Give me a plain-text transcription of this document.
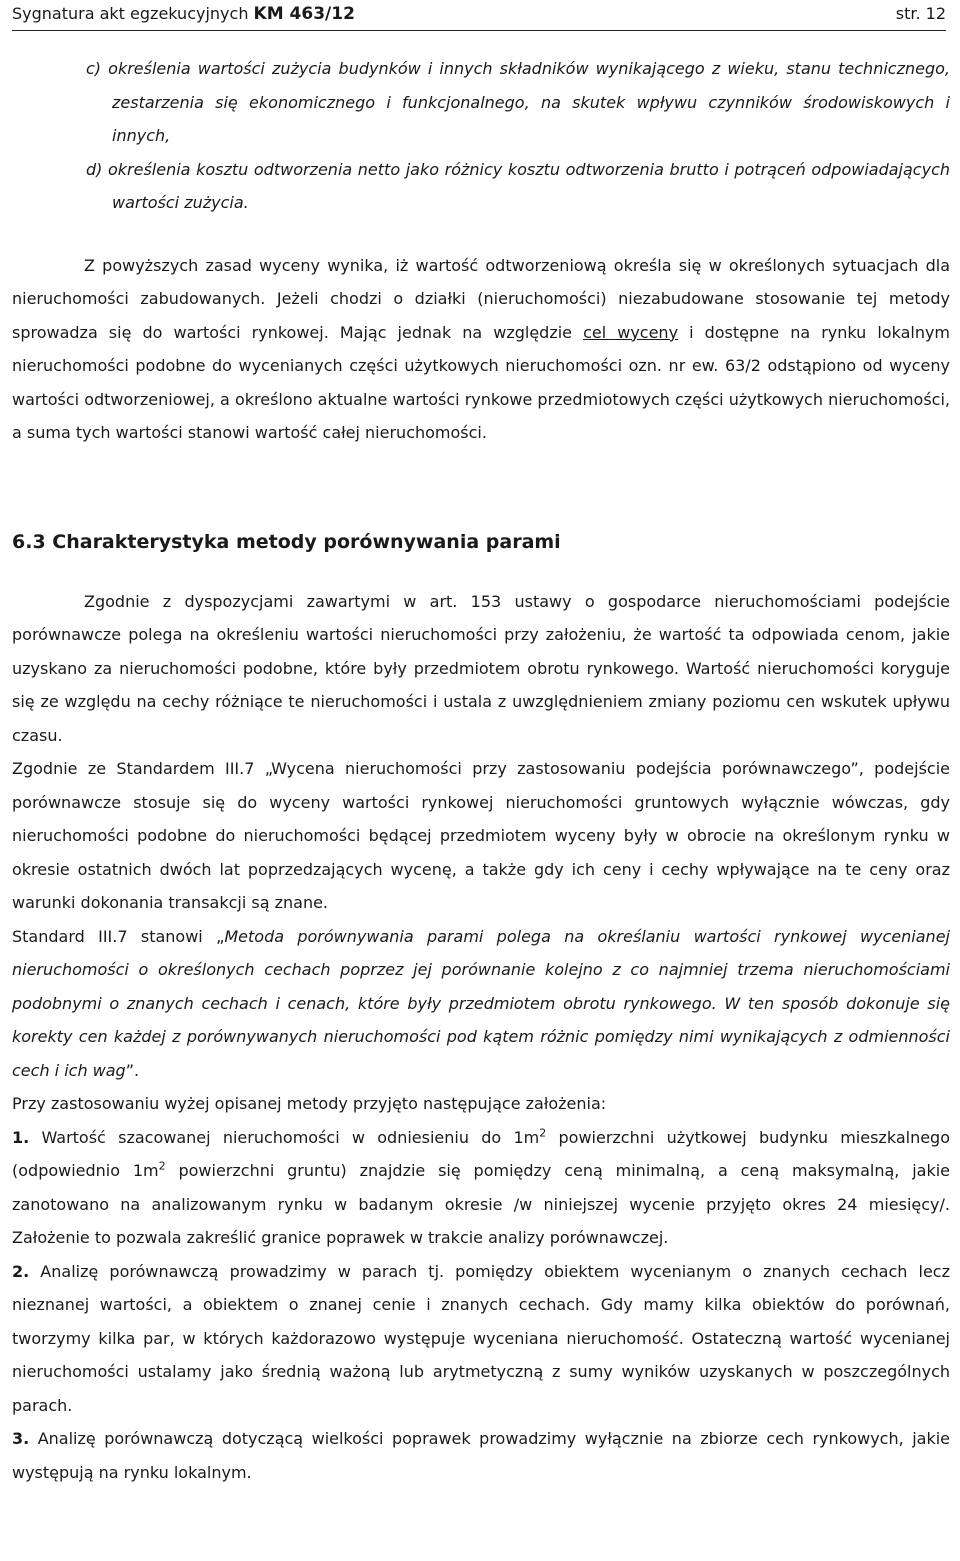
Sygnatura akt egzekucyjnych KM 463/12	str. 12

c) określenia wartości zużycia budynków i innych składników wynikającego z wieku, stanu technicznego, zestarzenia się ekonomicznego i funkcjonalnego, na skutek wpływu czynników środowiskowych i innych,

d) określenia kosztu odtworzenia netto jako różnicy kosztu odtworzenia brutto i potrąceń odpowiadających wartości zużycia.

Z powyższych zasad wyceny wynika, iż wartość odtworzeniową określa się w określonych sytuacjach dla nieruchomości zabudowanych. Jeżeli chodzi o działki (nieruchomości) niezabudowane stosowanie tej metody sprowadza się do wartości rynkowej. Mając jednak na względzie cel wyceny i dostępne na rynku lokalnym nieruchomości podobne do wycenianych części użytkowych nieruchomości ozn. nr ew. 63/2 odstąpiono od wyceny wartości odtworzeniowej, a określono aktualne wartości rynkowe przedmiotowych części użytkowych nieruchomości, a suma tych wartości stanowi wartość całej nieruchomości.

6.3 Charakterystyka metody porównywania parami

Zgodnie z dyspozycjami zawartymi w art. 153 ustawy o gospodarce nieruchomościami podejście porównawcze polega na określeniu wartości nieruchomości przy założeniu, że wartość ta odpowiada cenom, jakie uzyskano za nieruchomości podobne, które były przedmiotem obrotu rynkowego. Wartość nieruchomości koryguje się ze względu na cechy różniące te nieruchomości i ustala z uwzględnieniem zmiany poziomu cen wskutek upływu czasu.

Zgodnie ze Standardem III.7 „Wycena nieruchomości przy zastosowaniu podejścia porównawczego”, podejście porównawcze stosuje się do wyceny wartości rynkowej nieruchomości gruntowych wyłącznie wówczas, gdy nieruchomości podobne do nieruchomości będącej przedmiotem wyceny były w obrocie na określonym rynku w okresie ostatnich dwóch lat poprzedzających wycenę, a także gdy ich ceny i cechy wpływające na te ceny oraz warunki dokonania transakcji są znane.

Standard III.7 stanowi „Metoda porównywania parami polega na określaniu wartości rynkowej wycenianej nieruchomości o określonych cechach poprzez jej porównanie kolejno z co najmniej trzema nieruchomościami podobnymi o znanych cechach i cenach, które były przedmiotem obrotu rynkowego. W ten sposób dokonuje się korekty cen każdej z porównywanych nieruchomości pod kątem różnic pomiędzy nimi wynikających z odmienności cech i ich wag”.

Przy zastosowaniu wyżej opisanej metody przyjęto następujące założenia:

1. Wartość szacowanej nieruchomości w odniesieniu do $1m^2$ powierzchni użytkowej budynku mieszkalnego (odpowiednio $1m^2$ powierzchni gruntu) znajdzie się pomiędzy ceną minimalną, a ceną maksymalną, jakie zanotowano na analizowanym rynku w badanym okresie /w niniejszej wycenie przyjęto okres 24 miesięcy/. Założenie to pozwala zakreślić granice poprawek w trakcie analizy porównawczej.

2. Analizę porównawczą prowadzimy w parach tj. pomiędzy obiektem wycenianym o znanych cechach lecz nieznanej wartości, a obiektem o znanej cenie i znanych cechach. Gdy mamy kilka obiektów do porównań, tworzymy kilka par, w których każdorazowo występuje wyceniana nieruchomość. Ostateczną wartość wycenianej nieruchomości ustalamy jako średnią ważoną lub arytmetyczną z sumy wyników uzyskanych w poszczególnych parach.

3. Analizę porównawczą dotyczącą wielkości poprawek prowadzimy wyłącznie na zbiorze cech rynkowych, jakie występują na rynku lokalnym.
